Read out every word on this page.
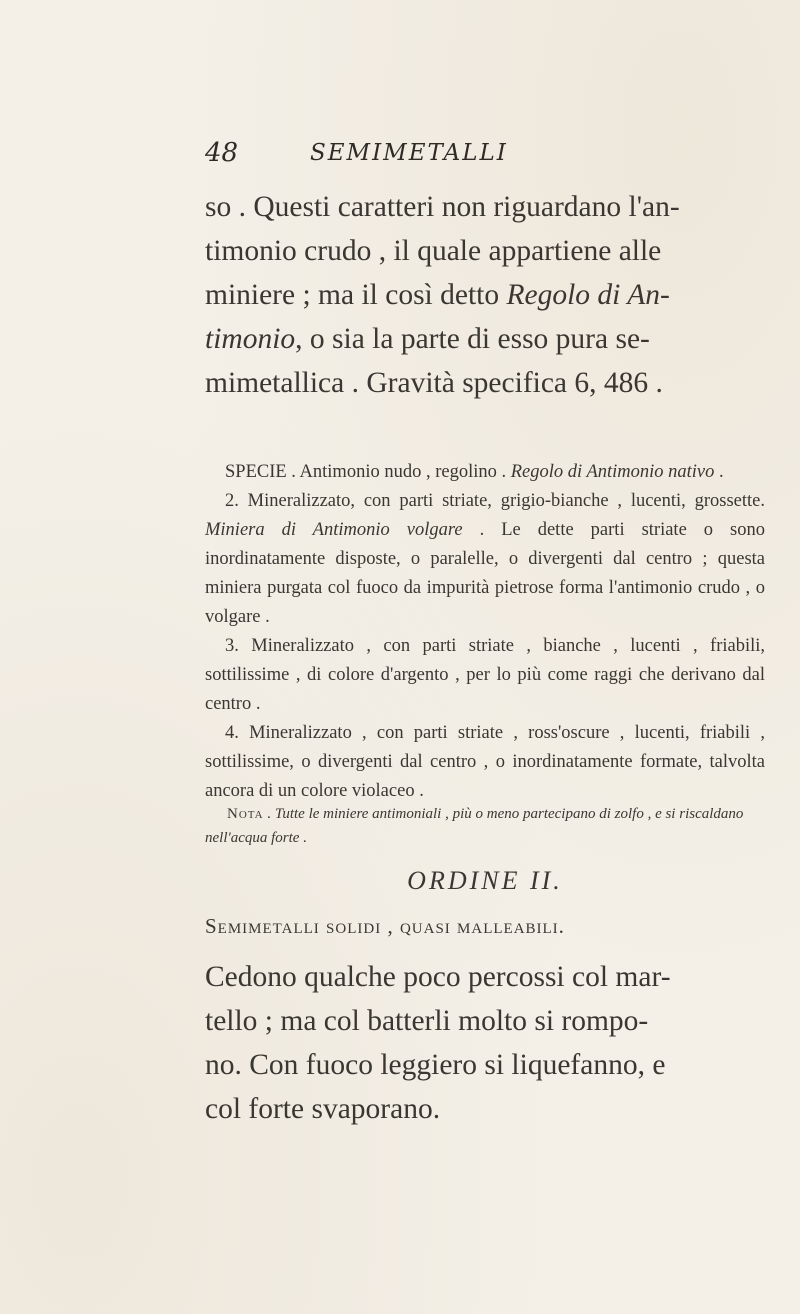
48	SEMIMETALLI

so . Questi caratteri non riguardano l'an-

timonio crudo , il quale appartiene alle

miniere ; ma il così detto Regolo di An-

timonio, o sia la parte di esso pura se-

mimetallica . Gravità specifica 6, 486 .

SPECIE . Antimonio nudo , regolino . Regolo di Antimonio nativo .

2. Mineralizzato, con parti striate, grigio-bianche , lucenti, grossette. Miniera di Antimonio volgare . Le dette parti striate o sono inordinatamente disposte, o paralelle, o divergenti dal centro ; questa miniera purgata col fuoco da impurità pietrose forma l'antimonio crudo , o volgare .

3. Mineralizzato , con parti striate , bianche , lucenti , friabili, sottilissime , di colore d'argento , per lo più come raggi che derivano dal centro .

4. Mineralizzato , con parti striate , ross'oscure , lucenti, friabili , sottilissime, o divergenti dal centro , o inordinatamente formate, talvolta ancora di un colore violaceo .

Nota . Tutte le miniere antimoniali , più o meno partecipano di zolfo , e si riscaldano nell'acqua forte .

ORDINE II.
Semimetalli solidi , quasi malleabili.

Cedono qualche poco percossi col mar-

tello ; ma col batterli molto si rompo-

no. Con fuoco leggiero si liquefanno, e

col forte svaporano.
